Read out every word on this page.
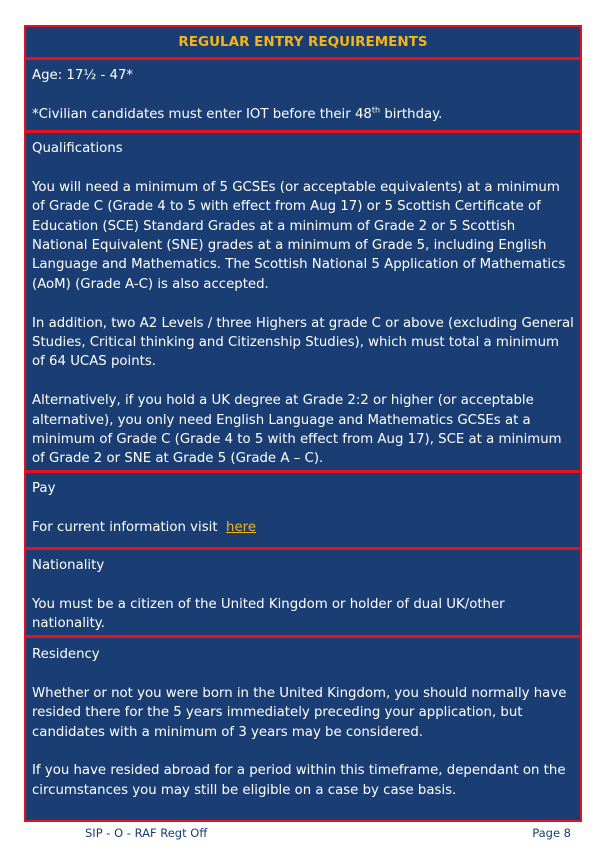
REGULAR ENTRY REQUIREMENTS

Age: 17½ - 47*

*Civilian candidates must enter IOT before their 48th birthday.

Qualifications

You will need a minimum of 5 GCSEs (or acceptable equivalents) at a minimum of Grade C (Grade 4 to 5 with effect from Aug 17) or 5 Scottish Certificate of Education (SCE) Standard Grades at a minimum of Grade 2 or 5 Scottish National Equivalent (SNE) grades at a minimum of Grade 5, including English Language and Mathematics. The Scottish National 5 Application of Mathematics (AoM) (Grade A-C) is also accepted.

In addition, two A2 Levels / three Highers at grade C or above (excluding General Studies, Critical thinking and Citizenship Studies), which must total a minimum of 64 UCAS points.

Alternatively, if you hold a UK degree at Grade 2:2 or higher (or acceptable alternative), you only need English Language and Mathematics GCSEs at a minimum of Grade C (Grade 4 to 5 with effect from Aug 17), SCE at a minimum of Grade 2 or SNE at Grade 5 (Grade A – C).

Pay

For current information visit  here

Nationality

You must be a citizen of the United Kingdom or holder of dual UK/other nationality.

Residency

Whether or not you were born in the United Kingdom, you should normally have resided there for the 5 years immediately preceding your application, but candidates with a minimum of 3 years may be considered.

If you have resided abroad for a period within this timeframe, dependant on the circumstances you may still be eligible on a case by case basis.

SIP - O - RAF Regt Off	Page 8
